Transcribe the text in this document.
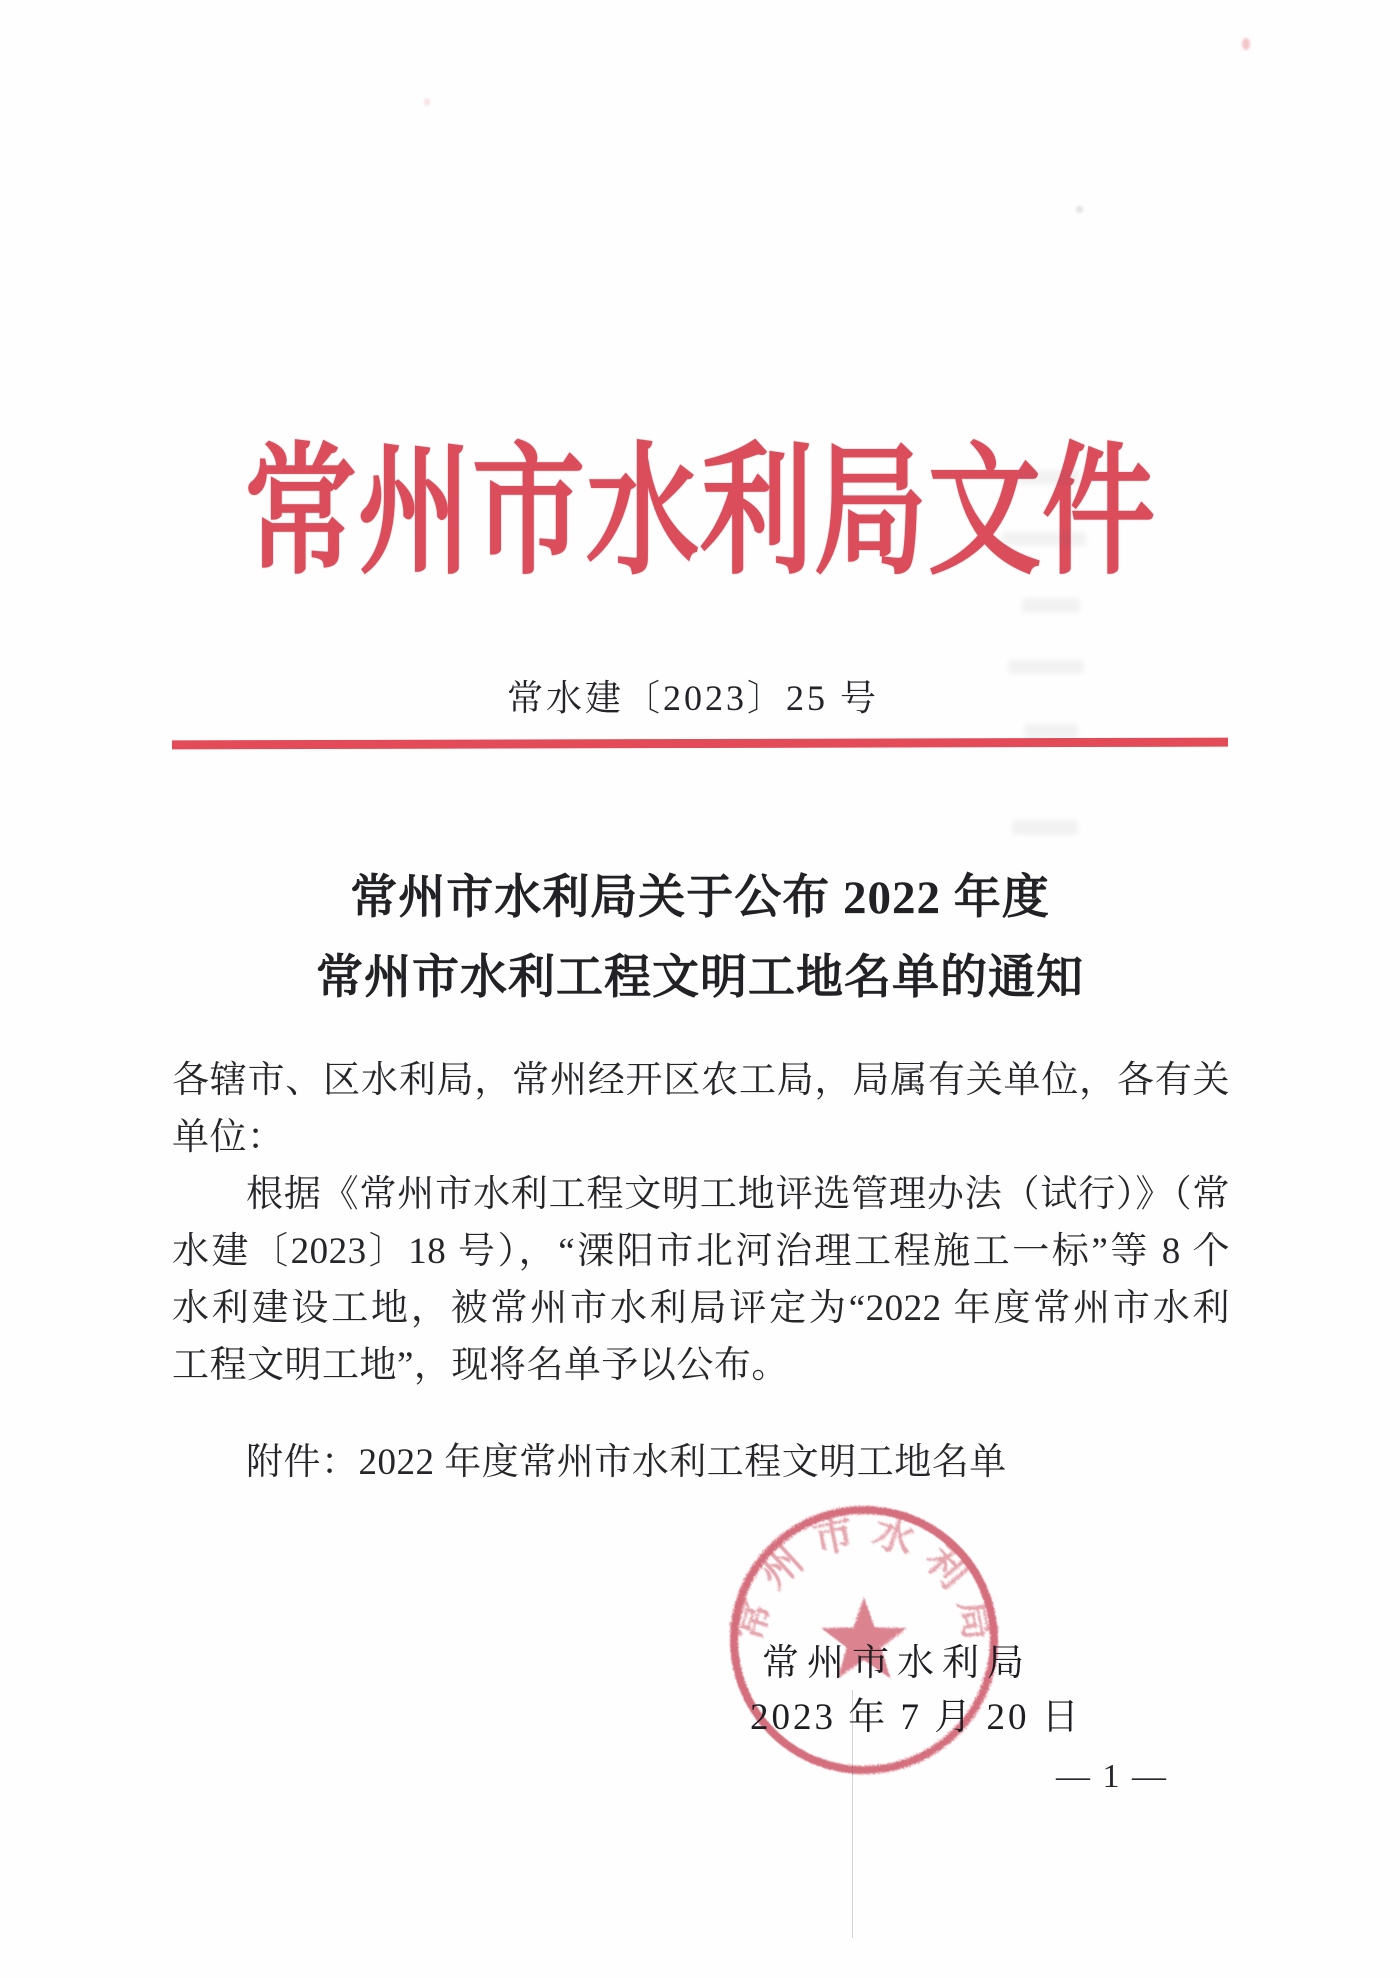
常州市水利局文件
常水建〔2023〕25 号
常州市水利局关于公布 2022 年度
常州市水利工程文明工地名单的通知
各辖市、区水利局，常州经开区农工局，局属有关单位，各有关
单位：
根据《常州市水利工程文明工地评选管理办法（试行）》（常
水建〔2023〕18 号），“溧阳市北河治理工程施工一标”等 8 个
水利建设工地，被常州市水利局评定为“2022 年度常州市水利
工程文明工地”，现将名单予以公布。
附件：2022 年度常州市水利工程文明工地名单
常州市水利局
2023 年 7 月 20 日
常州市水利局
— 1 —
